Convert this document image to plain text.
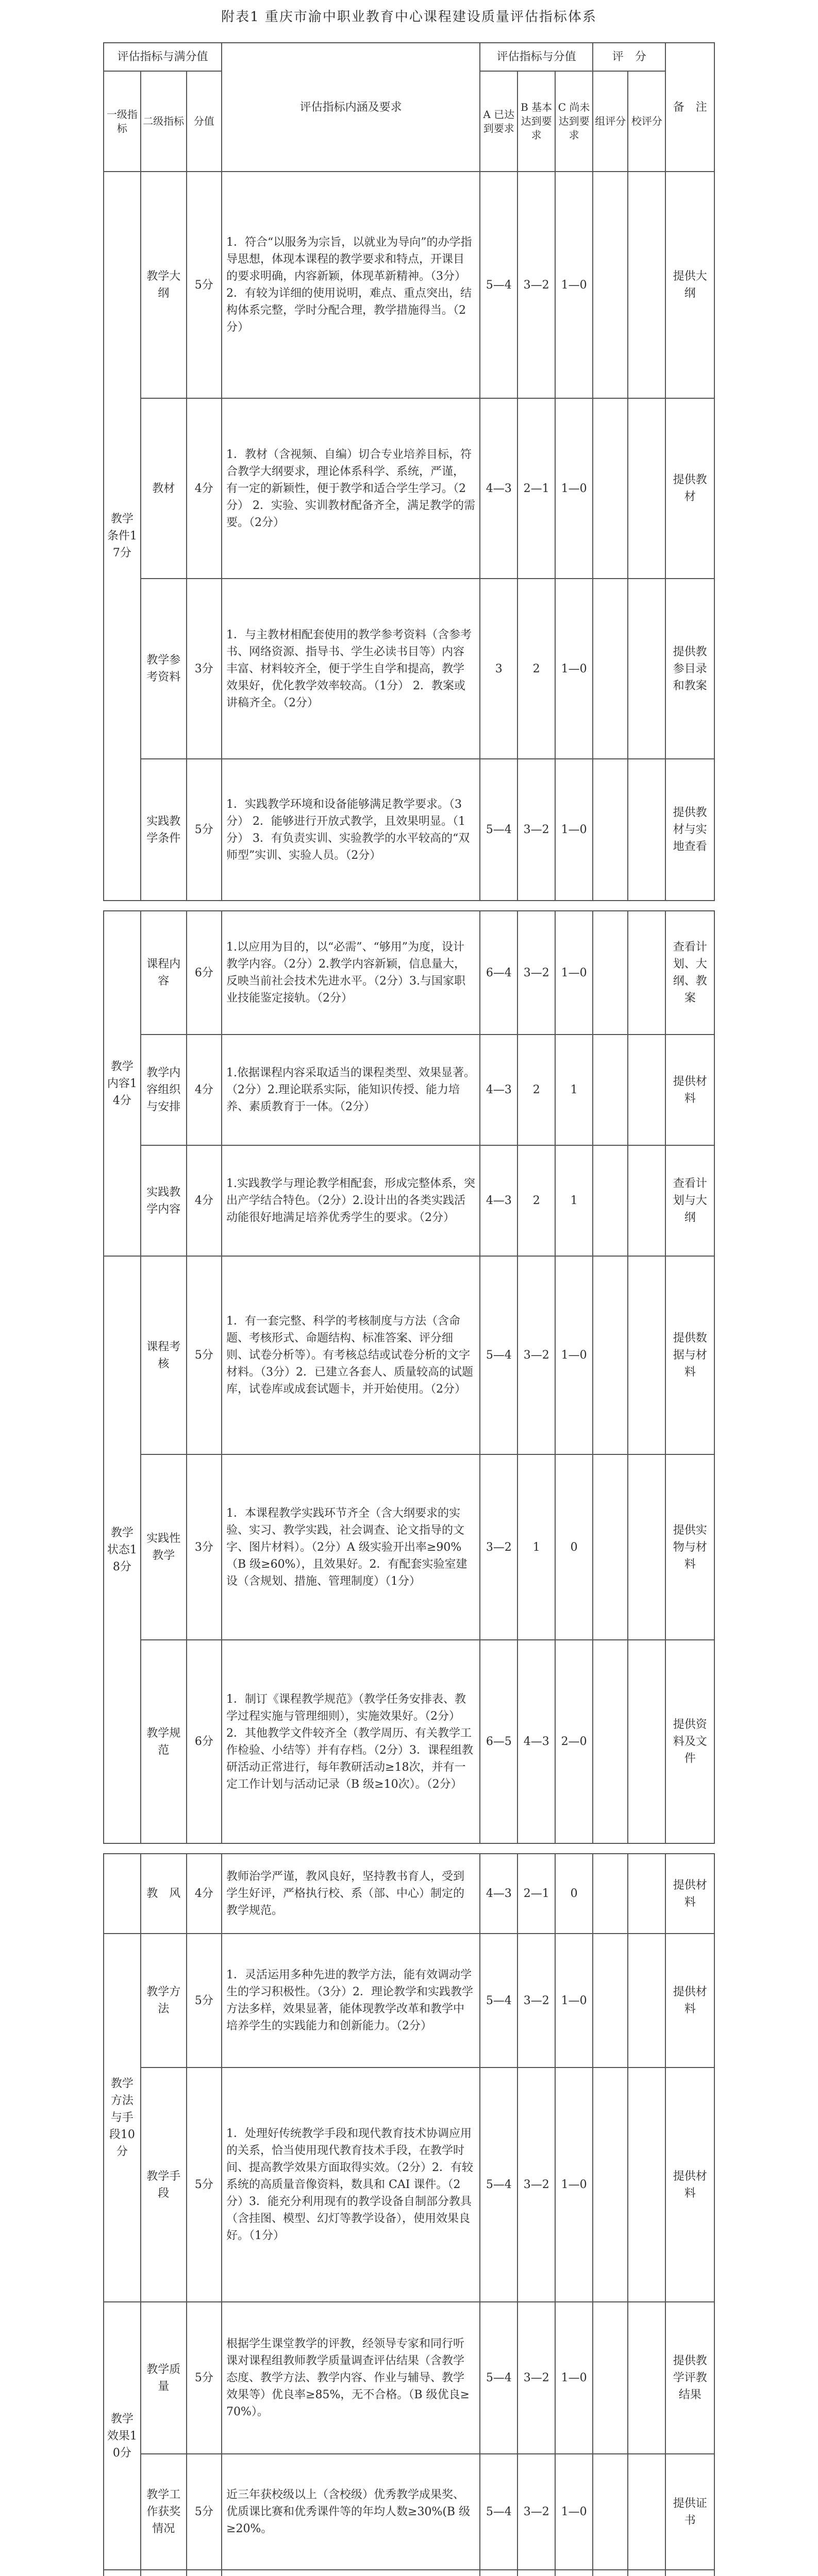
附表1 重庆市渝中职业教育中心课程建设质量评估指标体系
评估指标与满分值			评估指标内涵及要求	评估指标与分值			评　分		备　注
一级指标	二级指标	分值		A 已达到要求	B 基本达到要求	C 尚未达到要求	组评分	校评分	
教学条件17分	教学大纲	5分	1．符合“以服务为宗旨，以就业为导向”的办学指导思想，体现本课程的教学要求和特点，开课目的要求明确，内容新颖，体现革新精神。（3分） 2．有较为详细的使用说明，难点、重点突出，结构体系完整，学时分配合理，教学措施得当。（2分）	5—4	3—2	1—0			提供大纲
	教材	4分	1．教材（含视频、自编）切合专业培养目标，符合教学大纲要求，理论体系科学、系统，严谨，有一定的新颖性，便于教学和适合学生学习。（2分） 2．实验、实训教材配备齐全，满足教学的需要。（2分）	4—3	2—1	1—0			提供教材
	教学参考资料	3分	1．与主教材相配套使用的教学参考资料（含参考书、网络资源、指导书、学生必读书目等）内容丰富、材料较齐全，便于学生自学和提高，教学效果好，优化教学效率较高。（1分） 2．教案或讲稿齐全。（2分）	3	2	1—0			提供教参目录和教案
	实践教学条件	5分	1．实践教学环境和设备能够满足教学要求。（3分） 2．能够进行开放式教学，且效果明显。（1分） 3．有负责实训、实验教学的水平较高的“双师型”实训、实验人员。（2分）	5—4	3—2	1—0			提供教材与实地查看
教学内容14分	课程内容	6分	1.以应用为目的，以“必需”、“够用”为度，设计教学内容。（2分）2.教学内容新颖，信息量大，反映当前社会技术先进水平。（2分）3.与国家职业技能鉴定接轨。（2分）	6—4	3—2	1—0			查看计划、大纲、教案
	教学内容组织与安排	4分	1.依据课程内容采取适当的课程类型、效果显著。（2分）2.理论联系实际，能知识传授、能力培养、素质教育于一体。（2分）	4—3	2	1			提供材料
	实践教学内容	4分	1.实践教学与理论教学相配套，形成完整体系，突出产学结合特色。（2分）2.设计出的各类实践活动能很好地满足培养优秀学生的要求。（2分）	4—3	2	1			查看计划与大纲
教学状态18分	课程考核	5分	1．有一套完整、科学的考核制度与方法（含命题、考核形式、命题结构、标准答案、评分细则、试卷分析等）。有考核总结或试卷分析的文字材料。（3分）2．已建立各套人、质量较高的试题库，试卷库或成套试题卡，并开始使用。（2分）	5—4	3—2	1—0			提供数据与材料
	实践性教学	3分	1．本课程教学实践环节齐全（含大纲要求的实验、实习、教学实践，社会调查、论文指导的文字、图片材料）。（2分）A 级实验开出率≥90%（B 级≥60%），且效果好。2．有配套实验室建设（含规划、措施、管理制度）（1分）	3—2	1	0			提供实物与材料
	教学规范	6分	1．制订《课程教学规范》（教学任务安排表、教学过程实施与管理细则），实施效果好。（2分）2．其他教学文件较齐全（教学周历、有关教学工作检验、小结等）并有存档。（2分）3．课程组教研活动正常进行，每年教研活动≥18次，并有一定工作计划与活动记录（B 级≥10次）。（2分）	6—5	4—3	2—0			提供资料及文件
	教　风	4分	教师治学严谨，教风良好，坚持教书育人，受到学生好评，严格执行校、系（部、中心）制定的教学规范。	4—3	2—1	0			提供材料
教学方法与手段10分	教学方法	5分	1．灵活运用多种先进的教学方法，能有效调动学生的学习积极性。（3分）2．理论教学和实践教学方法多样，效果显著，能体现教学改革和教学中培养学生的实践能力和创新能力。（2分）	5—4	3—2	1—0			提供材料
	教学手段	5分	1．处理好传统教学手段和现代教育技术协调应用的关系，恰当使用现代教育技术手段，在教学时间、提高教学效果方面取得实效。（2分）2．有较系统的高质量音像资料，数具和 CAI 课件。（2分）3．能充分利用现有的教学设备自制部分教具（含挂图、模型、幻灯等教学设备），使用效果良好。（1分）	5—4	3—2	1—0			提供材料
教学效果10分	教学质量	5分	根据学生课堂教学的评教，经领导专家和同行听课对课程组教师教学质量调查评估结果（含教学态度、教学方法、教学内容、作业与辅导、教学效果等）优良率≥85%，无不合格。（B 级优良≥70%）。	5—4	3—2	1—0			提供教学评教结果
	教学工作获奖情况	5分	近三年获校级以上（含校级）优秀教学成果奖、优质课比赛和优秀课件等的年均人数≥30%(B 级≥20%。	5—4	3—2	1—0			提供证书
